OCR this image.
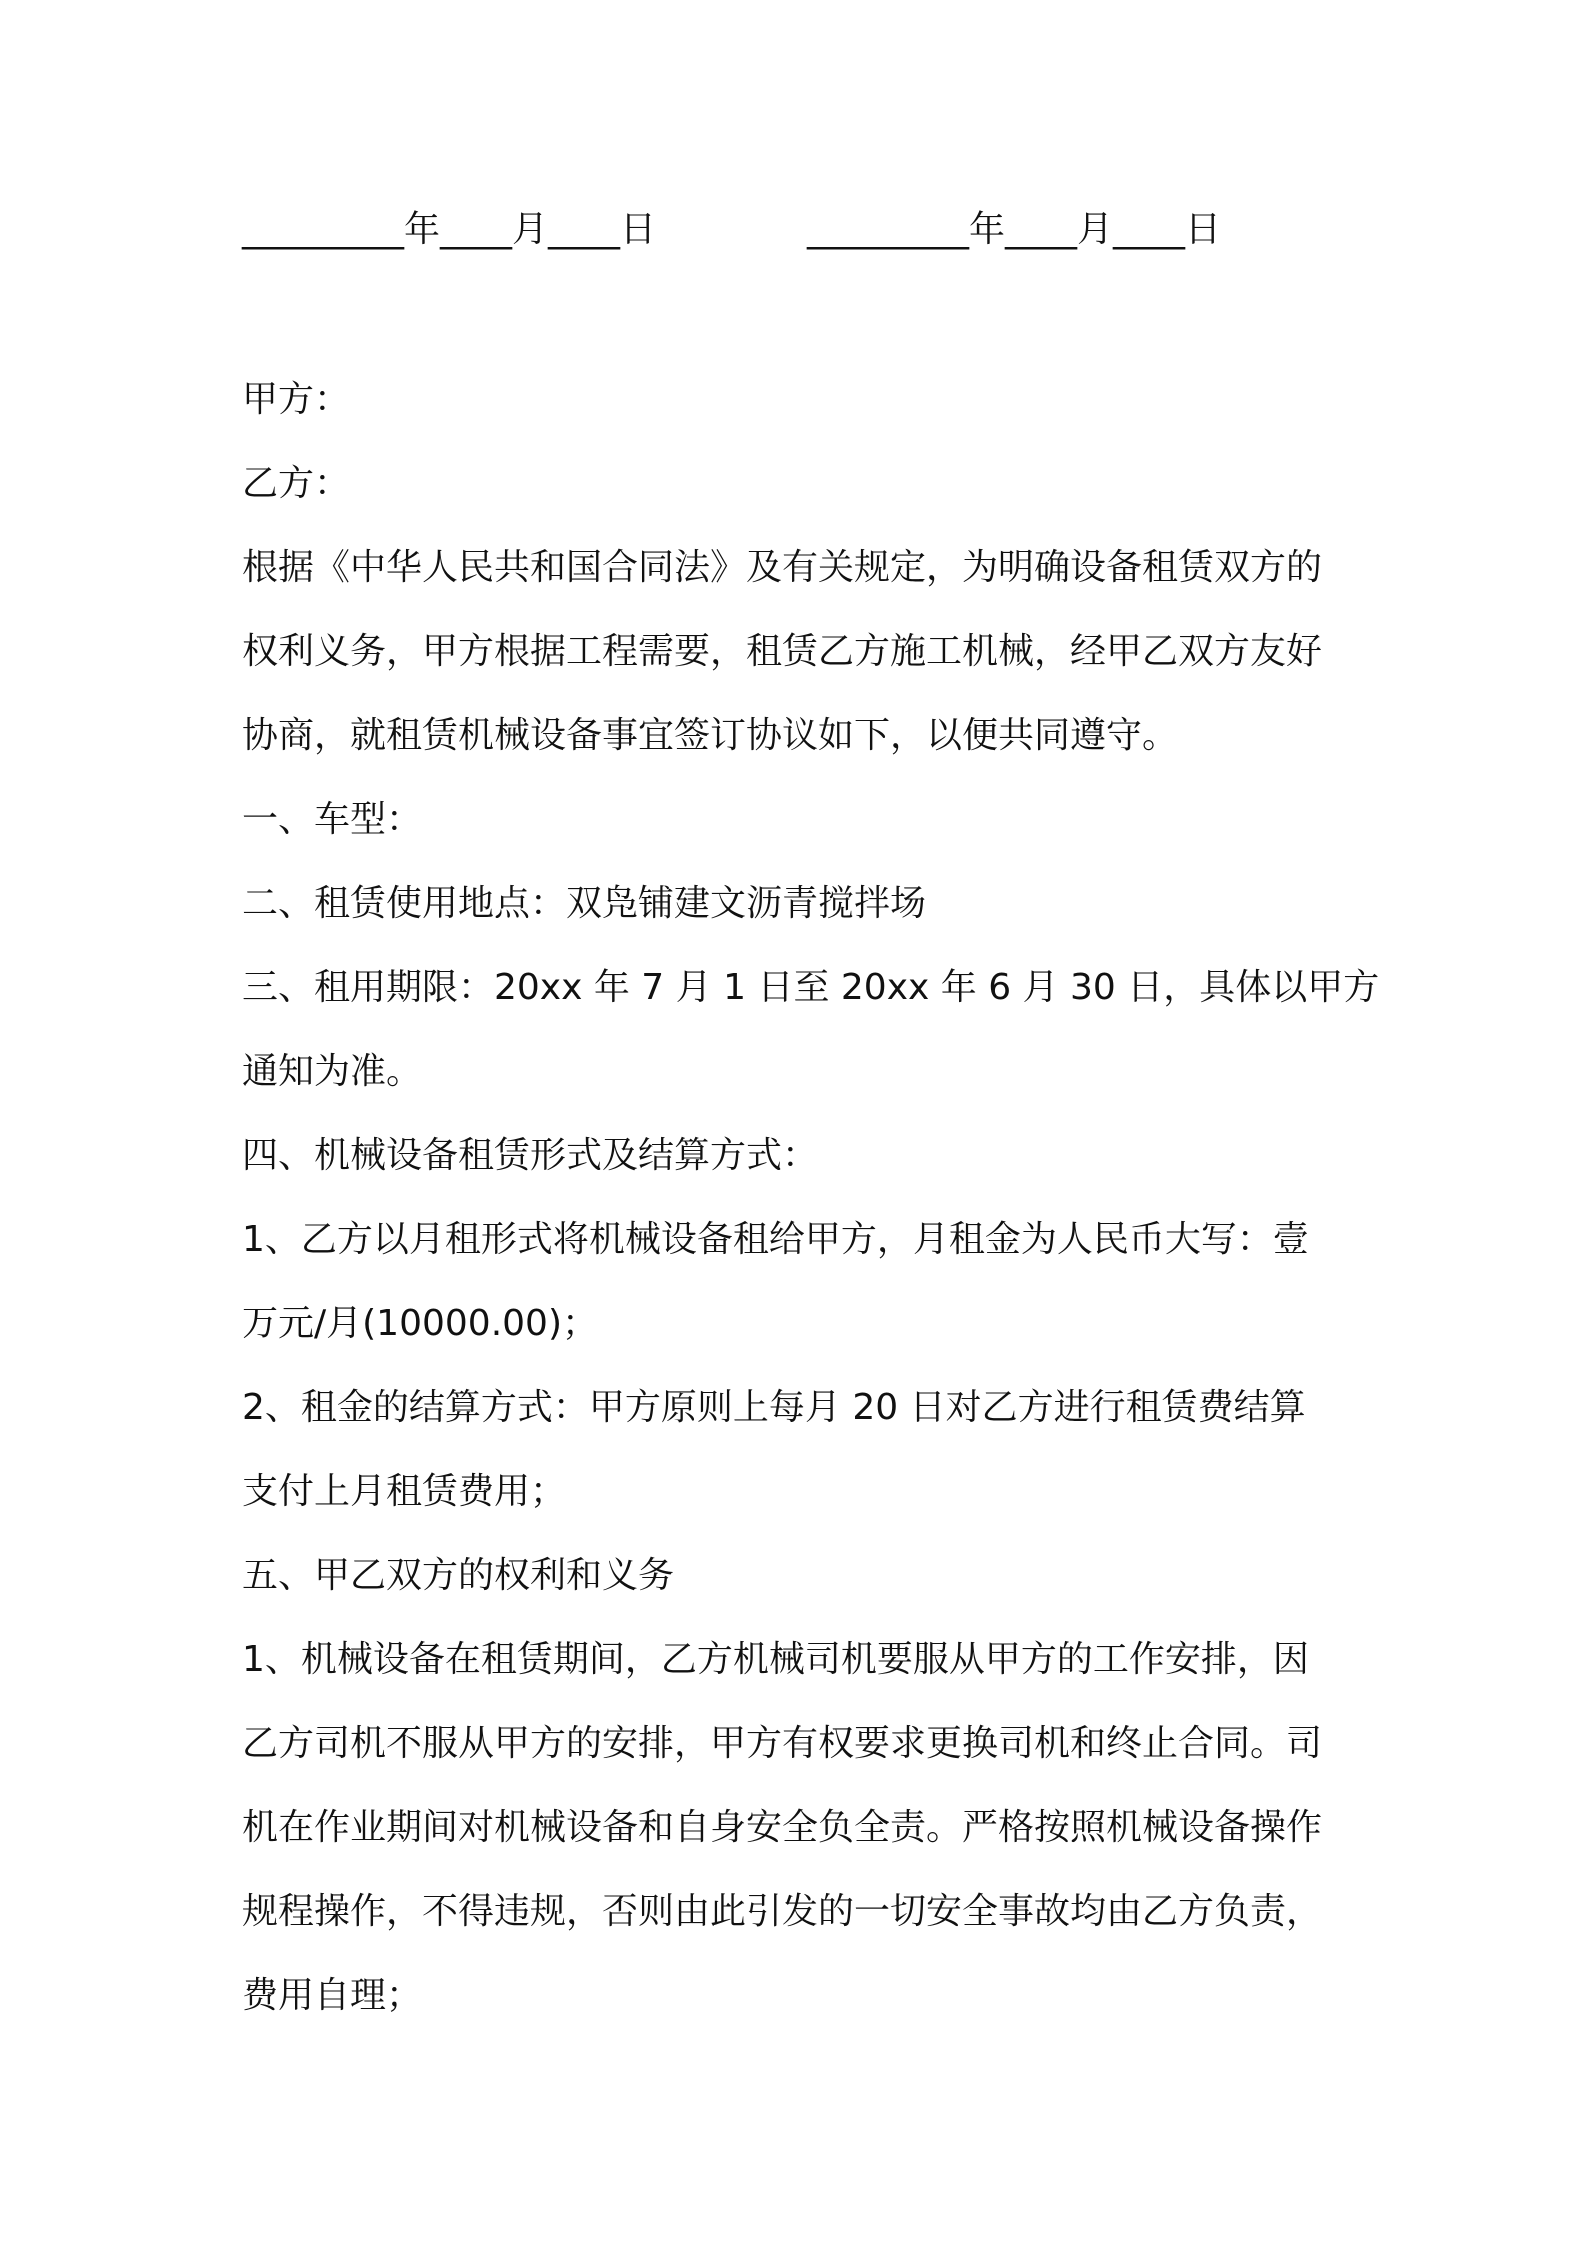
_________年____月____日

	_________年____月____日

甲方：
乙方：
根据《中华人民共和国合同法》及有关规定，为明确设备租赁双方的
权利义务，甲方根据工程需要，租赁乙方施工机械，经甲乙双方友好
协商，就租赁机械设备事宜签订协议如下，以便共同遵守。
一、车型：
二、租赁使用地点：双凫铺建文沥青搅拌场
三、租用期限：20xx 年 7 月 1 日至 20xx 年 6 月 30 日，具体以甲方
通知为准。
四、机械设备租赁形式及结算方式：
1、乙方以月租形式将机械设备租给甲方，月租金为人民币大写：壹
万元/月(10000.00)；
2、租金的结算方式：甲方原则上每月 20 日对乙方进行租赁费结算
支付上月租赁费用；
五、甲乙双方的权利和义务
1、机械设备在租赁期间，乙方机械司机要服从甲方的工作安排，因
乙方司机不服从甲方的安排，甲方有权要求更换司机和终止合同。司
机在作业期间对机械设备和自身安全负全责。严格按照机械设备操作
规程操作，不得违规，否则由此引发的一切安全事故均由乙方负责，
费用自理；
